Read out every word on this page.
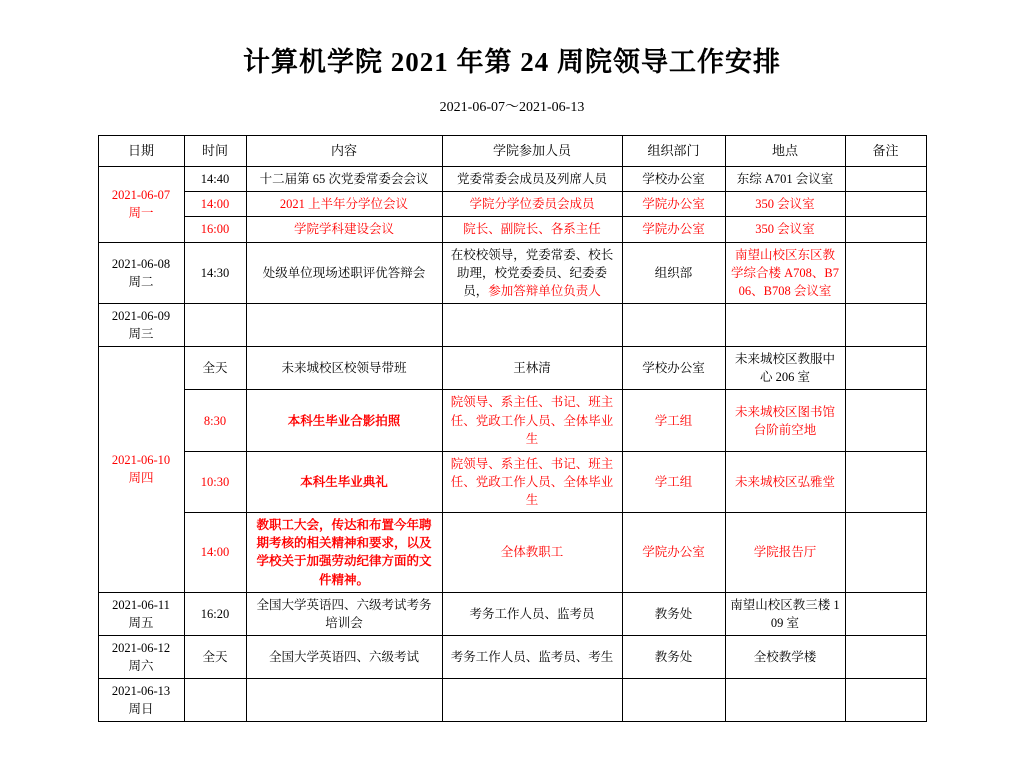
计算机学院 2021 年第 24 周院领导工作安排
2021-06-07～2021-06-13
日期	时间	内容	学院参加人员	组织部门	地点	备注
2021-06-07
周一	14:40	十二届第 65 次党委常委会会议	党委常委会成员及列席人员	学校办公室	东综 A701 会议室	
	14:00	2021 上半年分学位会议	学院分学位委员会成员	学院办公室	350 会议室	
	16:00	学院学科建设会议	院长、副院长、各系主任	学院办公室	350 会议室	
2021-06-08
周二	14:30	处级单位现场述职评优答辩会	在校校领导，党委常委、校长助理，校党委委员、纪委委员，参加答辩单位负责人	组织部	南望山校区东区教学综合楼 A708、B706、B708 会议室	
2021-06-09
周三						
2021-06-10
周四	全天	未来城校区校领导带班	王林清	学校办公室	未来城校区教服中心 206 室	
	8:30	本科生毕业合影拍照	院领导、系主任、书记、班主任、党政工作人员、全体毕业生	学工组	未来城校区图书馆台阶前空地	
	10:30	本科生毕业典礼	院领导、系主任、书记、班主任、党政工作人员、全体毕业生	学工组	未来城校区弘雅堂	
	14:00	教职工大会，传达和布置今年聘期考核的相关精神和要求，以及学校关于加强劳动纪律方面的文件精神。	全体教职工	学院办公室	学院报告厅	
2021-06-11
周五	16:20	全国大学英语四、六级考试考务培训会	考务工作人员、监考员	教务处	南望山校区教三楼 109 室	
2021-06-12
周六	全天	全国大学英语四、六级考试	考务工作人员、监考员、考生	教务处	全校教学楼	
2021-06-13
周日						
